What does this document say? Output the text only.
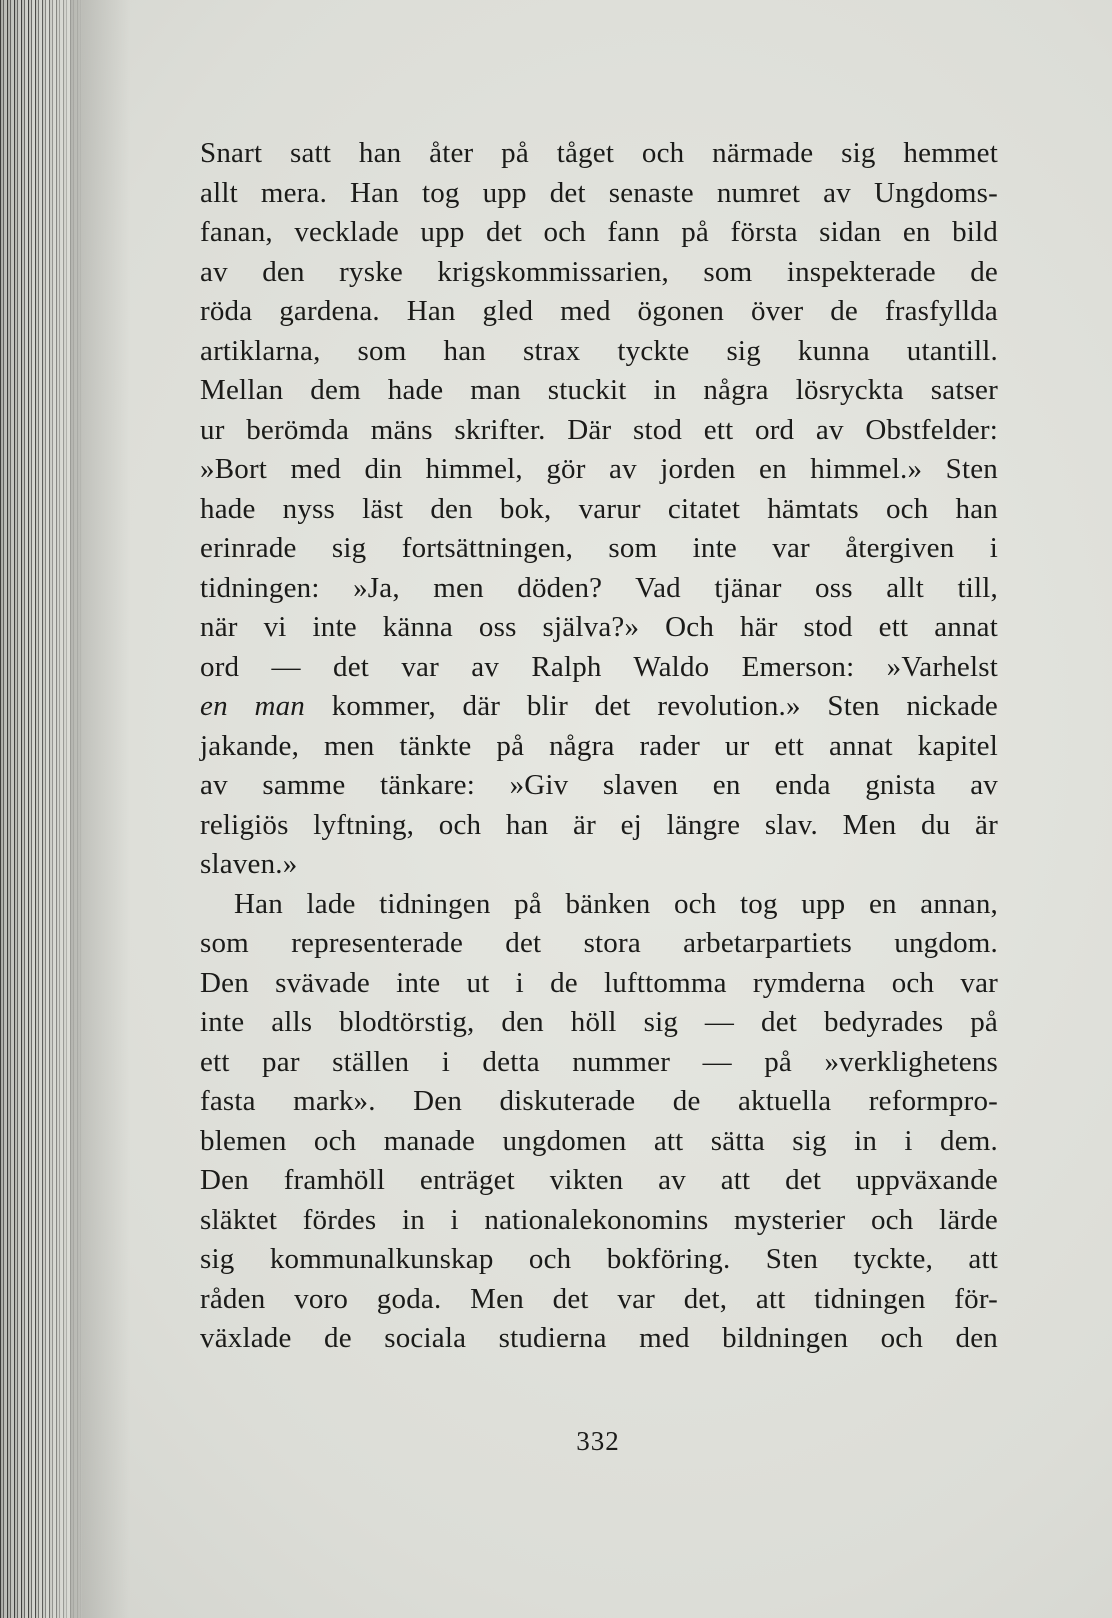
Snart satt han åter på tåget och närmade sig hemmet
allt mera. Han tog upp det senaste numret av Ungdoms-
fanan, vecklade upp det och fann på första sidan en bild
av den ryske krigskommissarien, som inspekterade de
röda gardena. Han gled med ögonen över de frasfyllda
artiklarna, som han strax tyckte sig kunna utantill.
Mellan dem hade man stuckit in några lösryckta satser
ur berömda mäns skrifter. Där stod ett ord av Obstfelder:
»Bort med din himmel, gör av jorden en himmel.» Sten
hade nyss läst den bok, varur citatet hämtats och han
erinrade sig fortsättningen, som inte var återgiven i
tidningen: »Ja, men döden? Vad tjänar oss allt till,
när vi inte känna oss själva?» Och här stod ett annat
ord — det var av Ralph Waldo Emerson: »Varhelst
en man kommer, där blir det revolution.» Sten nickade
jakande, men tänkte på några rader ur ett annat kapitel
av samme tänkare: »Giv slaven en enda gnista av
religiös lyftning, och han är ej längre slav. Men du är
slaven.»
Han lade tidningen på bänken och tog upp en annan,
som representerade det stora arbetarpartiets ungdom.
Den svävade inte ut i de lufttomma rymderna och var
inte alls blodtörstig, den höll sig — det bedyrades på
ett par ställen i detta nummer — på »verklighetens
fasta mark». Den diskuterade de aktuella reformpro-
blemen och manade ungdomen att sätta sig in i dem.
Den framhöll enträget vikten av att det uppväxande
släktet fördes in i nationalekonomins mysterier och lärde
sig kommunalkunskap och bokföring. Sten tyckte, att
råden voro goda. Men det var det, att tidningen för-
växlade de sociala studierna med bildningen och den
332
